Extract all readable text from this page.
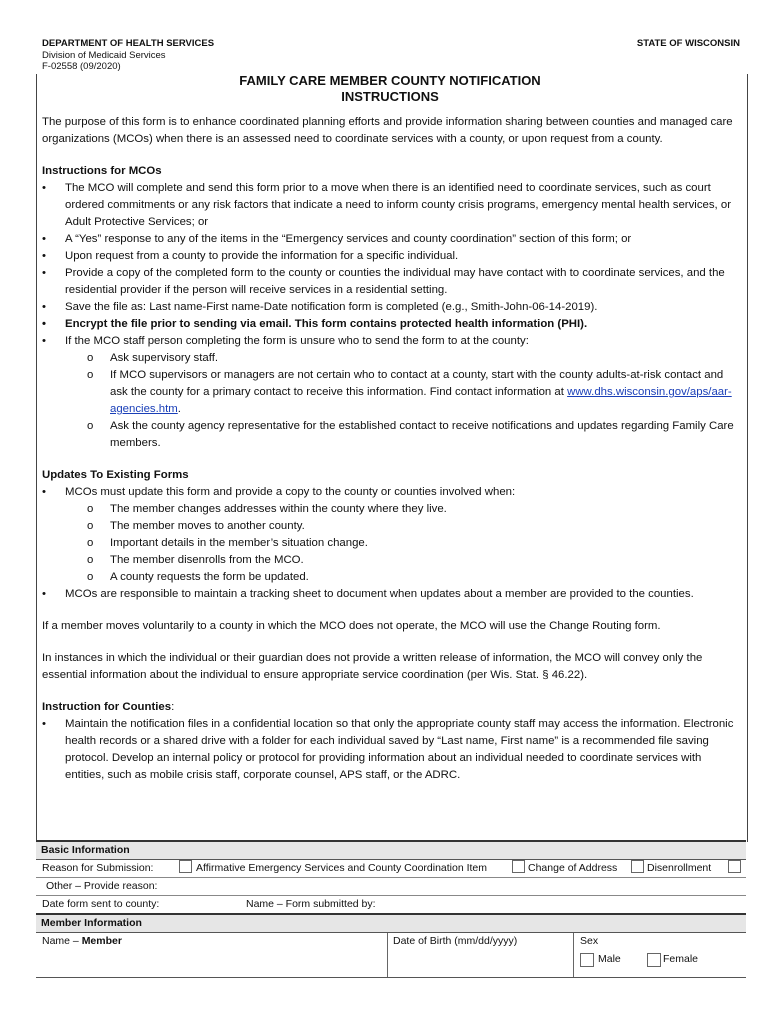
DEPARTMENT OF HEALTH SERVICES
Division of Medicaid Services
F-02558 (09/2020)
STATE OF WISCONSIN
FAMILY CARE MEMBER COUNTY NOTIFICATION
INSTRUCTIONS

The purpose of this form is to enhance coordinated planning efforts and provide information sharing between counties and managed care organizations (MCOs) when there is an assessed need to coordinate services with a county, or upon request from a county.

Instructions for MCOs
• The MCO will complete and send this form prior to a move when there is an identified need to coordinate services, such as court ordered commitments or any risk factors that indicate a need to inform county crisis programs, emergency mental health services, or Adult Protective Services; or
• A “Yes” response to any of the items in the “Emergency services and county coordination” section of this form; or
• Upon request from a county to provide the information for a specific individual.
• Provide a copy of the completed form to the county or counties the individual may have contact with to coordinate services, and the residential provider if the person will receive services in a residential setting.
• Save the file as: Last name-First name-Date notification form is completed (e.g., Smith-John-06-14-2019).
• Encrypt the file prior to sending via email. This form contains protected health information (PHI).
• If the MCO staff person completing the form is unsure who to send the form to at the county:
o Ask supervisory staff.
o If MCO supervisors or managers are not certain who to contact at a county, start with the county adults-at-risk contact and ask the county for a primary contact to receive this information. Find contact information at www.dhs.wisconsin.gov/aps/aar-agencies.htm.
o Ask the county agency representative for the established contact to receive notifications and updates regarding Family Care members.
Updates To Existing Forms
• MCOs must update this form and provide a copy to the county or counties involved when:
o The member changes addresses within the county where they live.
o The member moves to another county.
o Important details in the member’s situation change.
o The member disenrolls from the MCO.
o A county requests the form be updated.
• MCOs are responsible to maintain a tracking sheet to document when updates about a member are provided to the counties.

If a member moves voluntarily to a county in which the MCO does not operate, the MCO will use the Change Routing form.

In instances in which the individual or their guardian does not provide a written release of information, the MCO will convey only the essential information about the individual to ensure appropriate service coordination (per Wis. Stat. § 46.22).

Instruction for Counties:
• Maintain the notification files in a confidential location so that only the appropriate county staff may access the information. Electronic health records or a shared drive with a folder for each individual saved by “Last name, First name” is a recommended file saving protocol. Develop an internal policy or protocol for providing information about an individual needed to coordinate services with entities, such as mobile crisis staff, corporate counsel, APS staff, or the ADRC.
Basic Information
Reason for Submission:	Affirmative Emergency Services and County Coordination Item	Change of Address	Disenrollment
Other – Provide reason:
Date form sent to county:	Name – Form submitted by:
Member Information
Name – Member	Date of Birth (mm/dd/yyyy)	Sex
Male	Female
